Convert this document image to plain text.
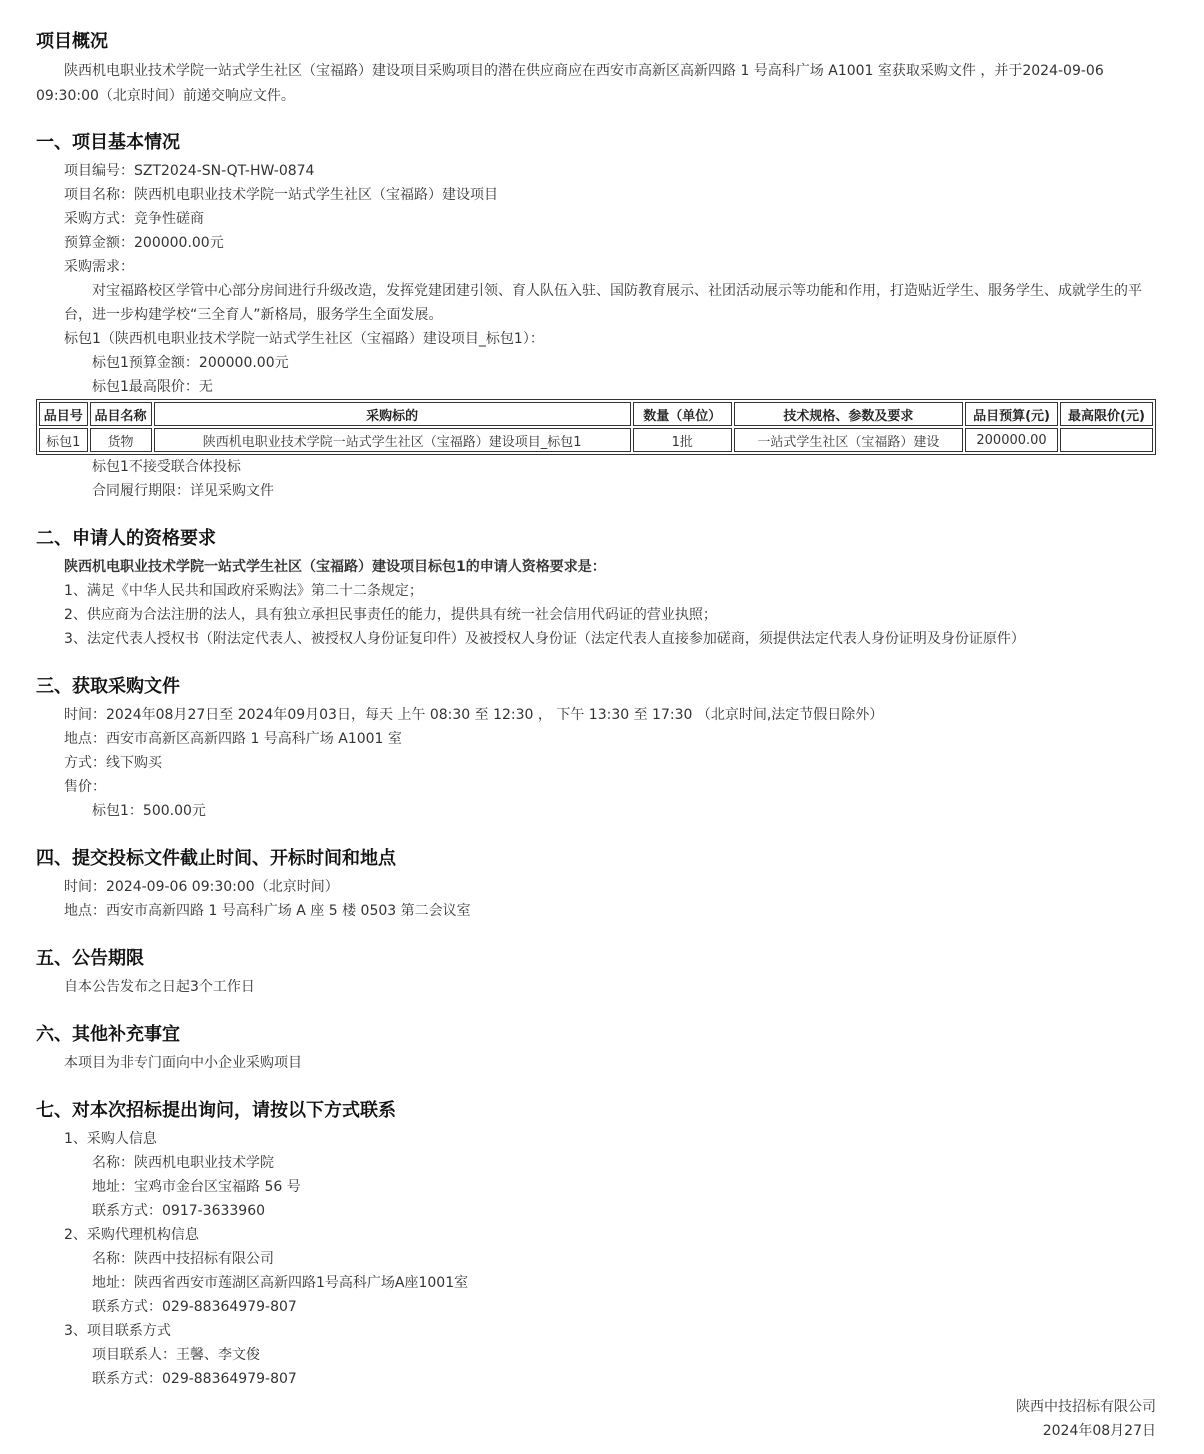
项目概况

陕西机电职业技术学院一站式学生社区（宝福路）建设项目采购项目的潜在供应商应在西安市高新区高新四路 1 号高科广场 A1001 室获取采购文件 ，并于2024-09-06 09:30:00（北京时间）前递交响应文件。

一、项目基本情况

项目编号：SZT2024-SN-QT-HW-0874

项目名称：陕西机电职业技术学院一站式学生社区（宝福路）建设项目

采购方式：竞争性磋商

预算金额：200000.00元

采购需求：

对宝福路校区学管中心部分房间进行升级改造，发挥党建团建引领、育人队伍入驻、国防教育展示、社团活动展示等功能和作用，打造贴近学生、服务学生、成就学生的平台，进一步构建学校“三全育人”新格局，服务学生全面发展。

标包1（陕西机电职业技术学院一站式学生社区（宝福路）建设项目_标包1）：

标包1预算金额：200000.00元

标包1最高限价：无

品目号	品目名称	采购标的	数量（单位）	技术规格、参数及要求	品目预算(元)	最高限价(元)
标包1	货物	陕西机电职业技术学院一站式学生社区（宝福路）建设项目_标包1	1批	一站式学生社区（宝福路）建设	200000.00	

标包1不接受联合体投标

合同履行期限：详见采购文件

二、申请人的资格要求

陕西机电职业技术学院一站式学生社区（宝福路）建设项目标包1的申请人资格要求是：

1、满足《中华人民共和国政府采购法》第二十二条规定；

2、供应商为合法注册的法人，具有独立承担民事责任的能力，提供具有统一社会信用代码证的营业执照；

3、法定代表人授权书（附法定代表人、被授权人身份证复印件）及被授权人身份证（法定代表人直接参加磋商，须提供法定代表人身份证明及身份证原件）

三、获取采购文件

时间：2024年08月27日至 2024年09月03日，每天 上午 08:30 至 12:30 ， 下午 13:30 至 17:30 （北京时间,法定节假日除外）

地点：西安市高新区高新四路 1 号高科广场 A1001 室

方式：线下购买

售价：

标包1：500.00元

四、提交投标文件截止时间、开标时间和地点

时间：2024-09-06 09:30:00（北京时间）

地点：西安市高新四路 1 号高科广场 A 座 5 楼 0503 第二会议室

五、公告期限

自本公告发布之日起3个工作日

六、其他补充事宜

本项目为非专门面向中小企业采购项目

七、对本次招标提出询问，请按以下方式联系

1、采购人信息

名称：陕西机电职业技术学院

地址：宝鸡市金台区宝福路 56 号

联系方式：0917-3633960

2、采购代理机构信息

名称：陕西中技招标有限公司

地址：陕西省西安市莲湖区高新四路1号高科广场A座1001室

联系方式：029-88364979-807

3、项目联系方式

项目联系人：王馨、李文俊

联系方式：029-88364979-807

陕西中技招标有限公司

2024年08月27日
